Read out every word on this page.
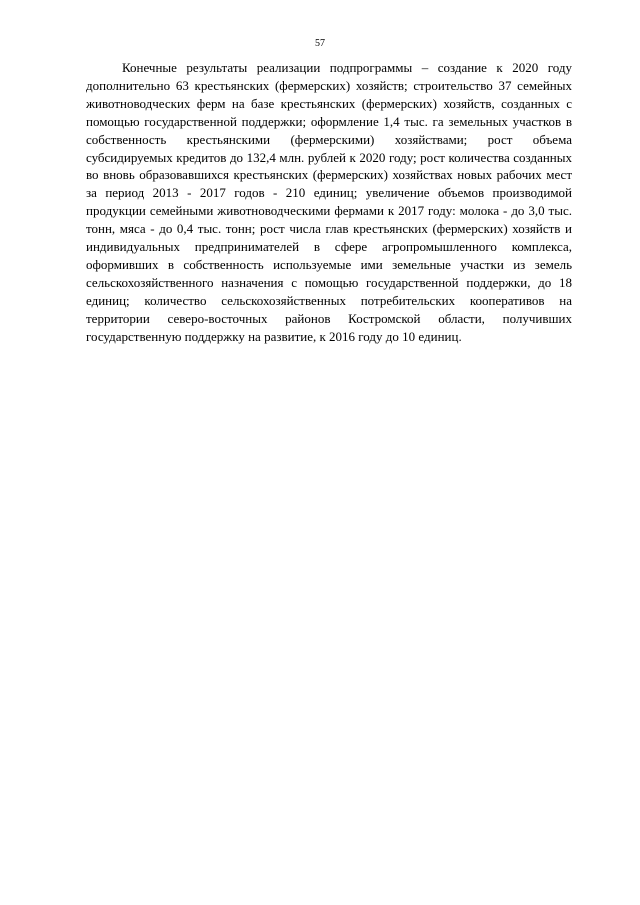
57

Конечные результаты реализации подпрограммы – создание к 2020 году дополнительно 63 крестьянских (фермерских) хозяйств; строительство 37 семейных животноводческих ферм на базе крестьянских (фермерских) хозяйств, созданных с помощью государственной поддержки; оформление 1,4 тыс. га земельных участков в собственность крестьянскими (фермерскими) хозяйствами; рост объема субсидируемых кредитов до 132,4 млн. рублей к 2020 году; рост количества созданных во вновь образовавшихся крестьянских (фермерских) хозяйствах новых рабочих мест за период 2013 - 2017 годов - 210 единиц; увеличение объемов производимой продукции семейными животноводческими фермами к 2017 году: молока - до 3,0 тыс. тонн, мяса - до 0,4 тыс. тонн; рост числа глав крестьянских (фермерских) хозяйств и индивидуальных предпринимателей в сфере агропромышленного комплекса, оформивших в собственность используемые ими земельные участки из земель сельскохозяйственного назначения с помощью государственной поддержки, до 18 единиц; количество сельскохозяйственных потребительских кооперативов на территории северо-восточных районов Костромской области, получивших государственную поддержку на развитие, к 2016 году до 10 единиц.
